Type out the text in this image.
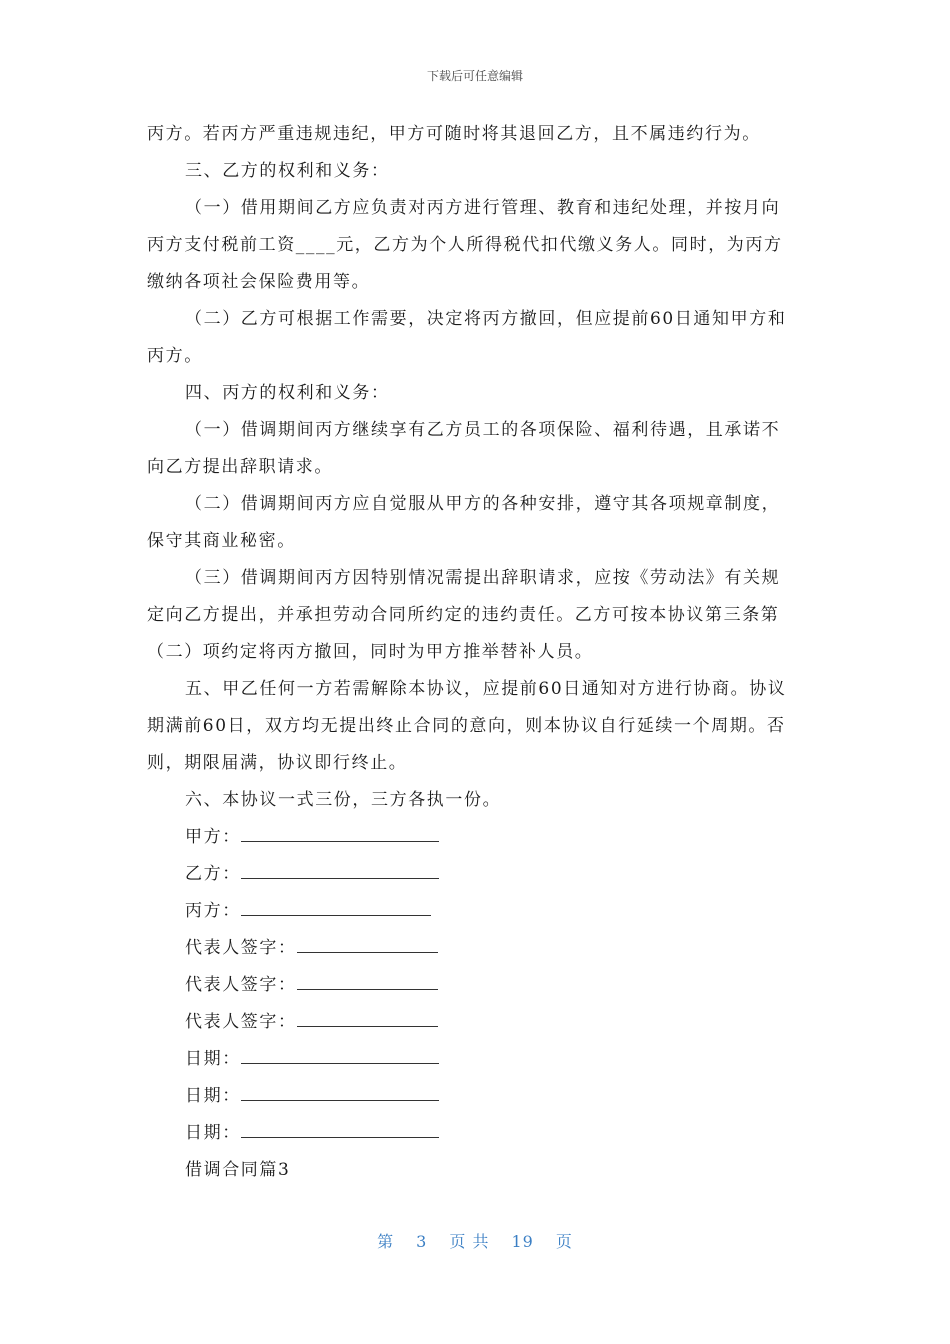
下载后可任意编辑
丙方。若丙方严重违规违纪，甲方可随时将其退回乙方，且不属违约行为。
三、乙方的权利和义务：
（一）借用期间乙方应负责对丙方进行管理、教育和违纪处理，并按月向
丙方支付税前工资____元，乙方为个人所得税代扣代缴义务人。同时，为丙方
缴纳各项社会保险费用等。
（二）乙方可根据工作需要，决定将丙方撤回，但应提前60日通知甲方和
丙方。
四、丙方的权利和义务：
（一）借调期间丙方继续享有乙方员工的各项保险、福利待遇，且承诺不
向乙方提出辞职请求。
（二）借调期间丙方应自觉服从甲方的各种安排，遵守其各项规章制度，
保守其商业秘密。
（三）借调期间丙方因特别情况需提出辞职请求，应按《劳动法》有关规
定向乙方提出，并承担劳动合同所约定的违约责任。乙方可按本协议第三条第
（二）项约定将丙方撤回，同时为甲方推举替补人员。
五、甲乙任何一方若需解除本协议，应提前60日通知对方进行协商。协议
期满前60日，双方均无提出终止合同的意向，则本协议自行延续一个周期。否
则，期限届满，协议即行终止。
六、本协议一式三份，三方各执一份。
甲方：
乙方：
丙方：
代表人签字：
代表人签字：
代表人签字：
日期：
日期：
日期：
借调合同篇3
第 3 页 共 19 页
